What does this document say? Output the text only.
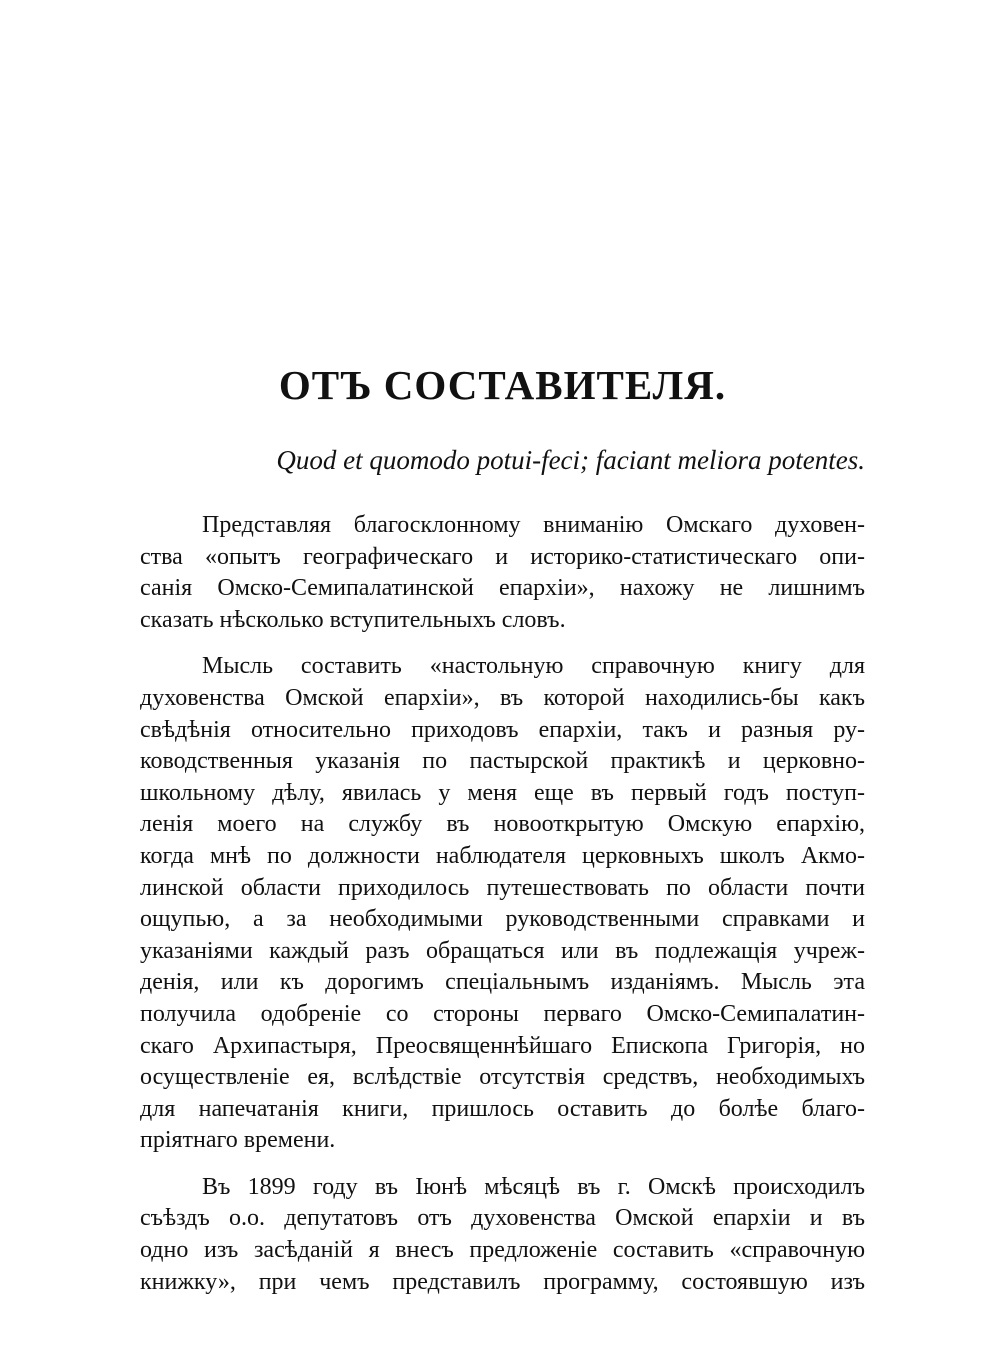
ОТЪ СОСТАВИТЕЛЯ.

Quod et quomodo potui-feci; faciant meliora potentes.

Представляя благосклонному вниманію Омскаго духовен-
ства «опытъ географическаго и историко-статистическаго опи-
санія Омско-Семипалатинской епархіи», нахожу не лишнимъ
сказать нѣсколько вступительныхъ словъ.

Мысль составить «настольную справочную книгу для
духовенства Омской епархіи», въ которой находились-бы какъ
свѣдѣнія относительно приходовъ епархіи, такъ и разныя ру-
ководственныя указанія по пастырской практикѣ и церковно-
школьному дѣлу, явилась у меня еще въ первый годъ поступ-
ленія моего на службу въ новооткрытую Омскую епархію,
когда мнѣ по должности наблюдателя церковныхъ школъ Акмо-
линской области приходилось путешествовать по области почти
ощупью, а за необходимыми руководственными справками и
указаніями каждый разъ обращаться или въ подлежащія учреж-
денія, или къ дорогимъ спеціальнымъ изданіямъ. Мысль эта
получила одобреніе со стороны перваго Омско-Семипалатин-
скаго Архипастыря, Преосвященнѣйшаго Епископа Григорія, но
осуществленіе ея, вслѣдствіе отсутствія средствъ, необходимыхъ
для напечатанія книги, пришлось оставить до болѣе благо-
пріятнаго времени.

Въ 1899 году въ Іюнѣ мѣсяцѣ въ г. Омскѣ происходилъ
съѣздъ о.о. депутатовъ отъ духовенства Омской епархіи и въ
одно изъ засѣданій я внесъ предложеніе составить «справочную
книжку», при чемъ представилъ программу, состоявшую изъ
